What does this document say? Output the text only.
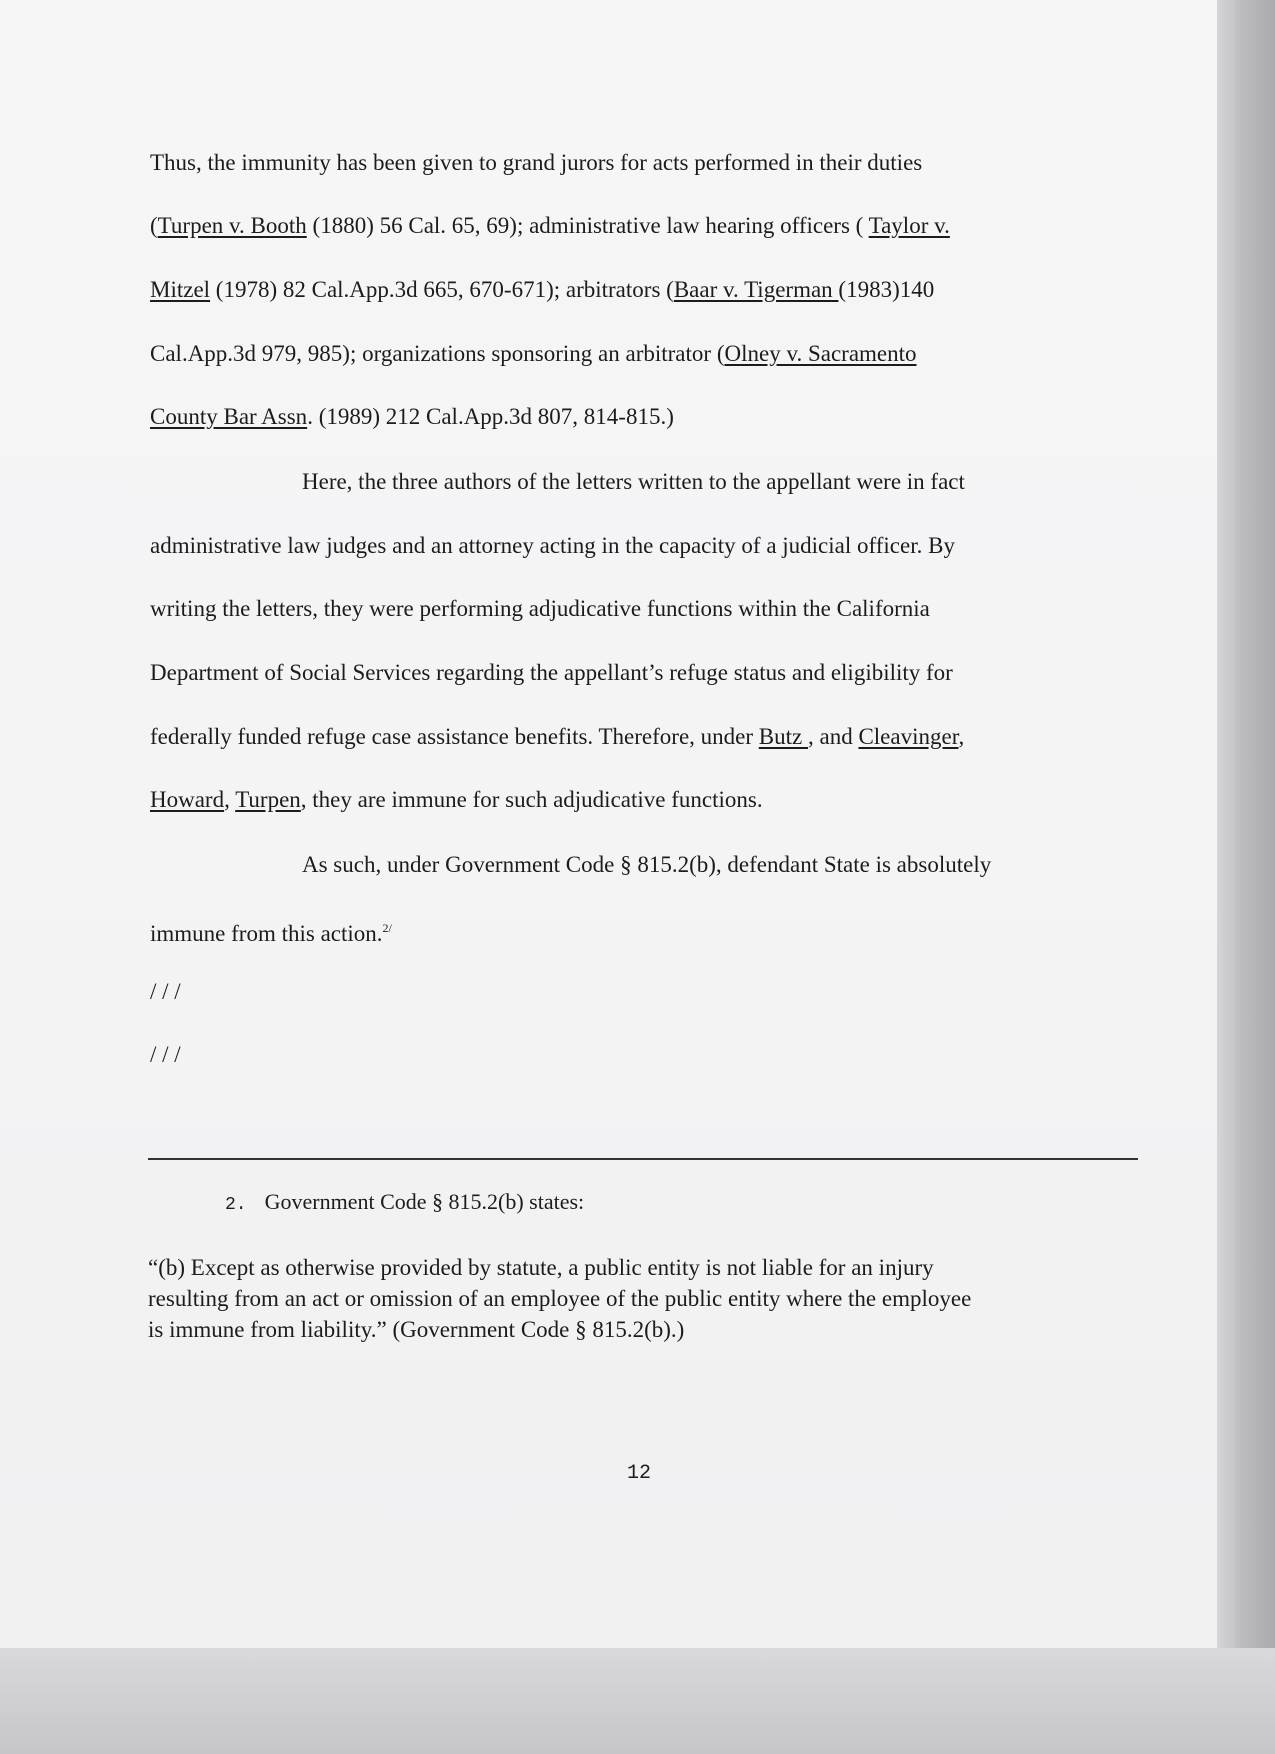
Thus, the immunity has been given to grand jurors for acts performed in their duties
(Turpen v. Booth (1880) 56 Cal. 65, 69); administrative law hearing officers ( Taylor v.
Mitzel (1978) 82 Cal.App.3d 665, 670-671); arbitrators (Baar v. Tigerman (1983)140
Cal.App.3d 979, 985); organizations sponsoring an arbitrator (Olney v. Sacramento
County Bar Assn. (1989) 212 Cal.App.3d 807, 814-815.)
Here, the three authors of the letters written to the appellant were in fact
administrative law judges and an attorney acting in the capacity of a judicial officer. By
writing the letters, they were performing adjudicative functions within the California
Department of Social Services regarding the appellant’s refuge status and eligibility for
federally funded refuge case assistance benefits. Therefore, under Butz , and Cleavinger,
Howard, Turpen, they are immune for such adjudicative functions.
As such, under Government Code § 815.2(b), defendant State is absolutely
immune from this action.$^{2/}$
/ / /
/ / /
2. Government Code § 815.2(b) states:
“(b) Except as otherwise provided by statute, a public entity is not liable for an injury
resulting from an act or omission of an employee of the public entity where the employee
is immune from liability.” (Government Code § 815.2(b).)
12
